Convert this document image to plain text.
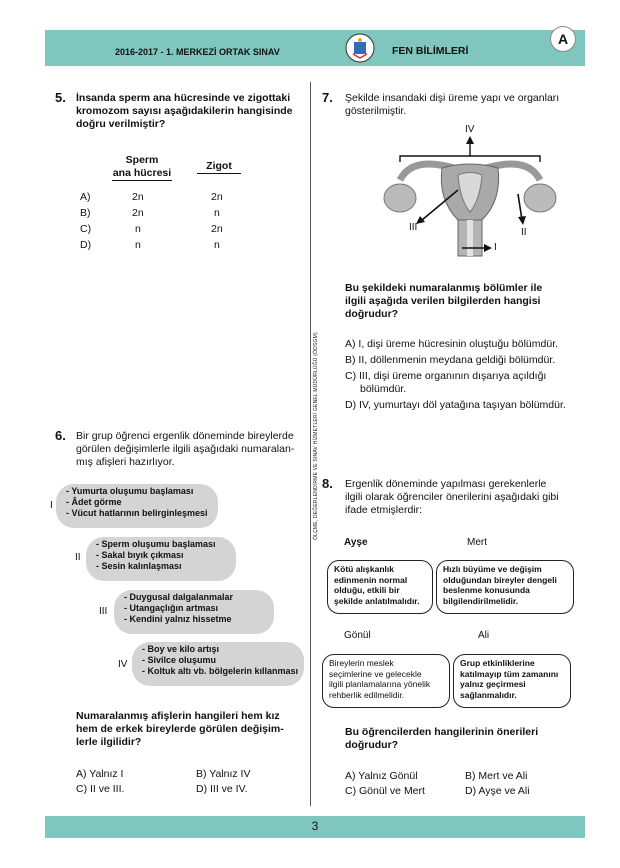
2016-2017 - 1. MERKEZİ ORTAK SINAV	FEN BİLİMLERİ
A
ÖLÇME, DEĞERLENDİRME VE SINAV HİZMETLERİ GENEL MÜDÜRLÜĞÜ (ÖDSGM)
5. İnsanda sperm ana hücresinde ve zigottaki
kromozom sayısı aşağıdakilerin hangisinde
doğru verilmiştir?
Sperm
ana hücresi
Zigot
A)	2n	2n
B)	2n	n
C)	n	2n
D)	n	n
6. Bir grup öğrenci ergenlik döneminde bireylerde
görülen değişimlerle ilgili aşağıdaki numaralan-
mış afişleri hazırlıyor.
I
- Yumurta oluşumu başlaması
- Âdet görme
- Vücut hatlarının belirginleşmesi
II
- Sperm oluşumu başlaması
- Sakal bıyık çıkması
- Sesin kalınlaşması
III
- Duygusal dalgalanmalar
- Utangaçlığın artması
- Kendini yalnız hissetme
IV
- Boy ve kilo artışı
- Sivilce oluşumu
- Koltuk altı vb. bölgelerin kıllanması
Numaralanmış afişlerin hangileri hem kız
hem de erkek bireylerde görülen değişim-
lerle ilgilidir?
A) Yalnız I	B) Yalnız IV
C) II ve III.	D) III ve IV.
7. Şekilde insandaki dişi üreme yapı ve organları
gösterilmiştir.
IV
III	II
I
Bu şekildeki numaralanmış bölümler ile
ilgili aşağıda verilen bilgilerden hangisi
doğrudur?
A) I, dişi üreme hücresinin oluştuğu bölümdür.
B) II, döllenmenin meydana geldiği bölümdür.
C) III, dişi üreme organının dışarıya açıldığı
bölümdür.
D) IV, yumurtayı döl yatağına taşıyan bölümdür.
8. Ergenlik döneminde yapılması gerekenlerle
ilgili olarak öğrenciler önerilerini aşağıdaki gibi
ifade etmişlerdir:
Ayşe
Kötü alışkanlık
edinmenin normal
olduğu, etkili bir
şekilde anlatılmalıdır.
Mert
Hızlı büyüme ve değişim
olduğundan bireyler dengeli
beslenme konusunda
bilgilendirilmelidir.
Gönül
Bireylerin meslek
seçimlerine ve gelecekle
ilgili planlamalarına yönelik
rehberlik edilmelidir.
Ali
Grup etkinliklerine
katılmayıp tüm zamanını
yalnız geçirmesi
sağlanmalıdır.
Bu öğrencilerden hangilerinin önerileri
doğrudur?
A) Yalnız Gönül	B) Mert ve Ali
C) Gönül ve Mert	D) Ayşe ve Ali
3
